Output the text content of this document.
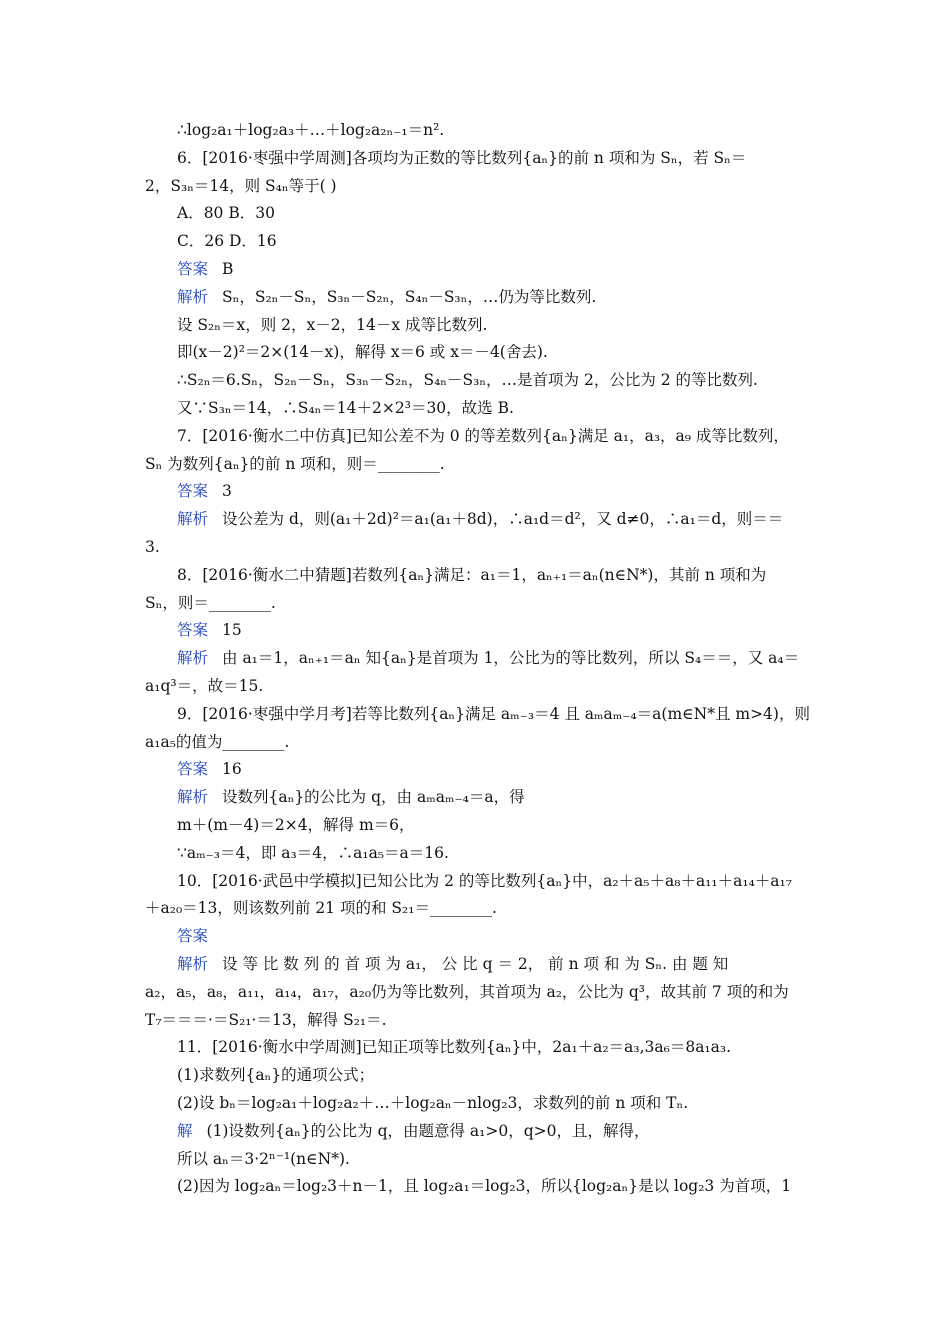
∴log₂a₁＋log₂a₃＋…＋log₂a₂ₙ₋₁＝n².
6．[2016·枣强中学周测]各项均为正数的等比数列{aₙ}的前 n 项和为 Sₙ，若 Sₙ＝
2，S₃ₙ＝14，则 S₄ₙ等于( )
A．80 B．30
C．26 D．16
答案 B
解析 Sₙ，S₂ₙ－Sₙ，S₃ₙ－S₂ₙ，S₄ₙ－S₃ₙ，…仍为等比数列.
设 S₂ₙ＝x，则 2，x－2，14－x 成等比数列.
即(x－2)²＝2×(14－x)，解得 x＝6 或 x＝－4(舍去).
∴S₂ₙ＝6.Sₙ，S₂ₙ－Sₙ，S₃ₙ－S₂ₙ，S₄ₙ－S₃ₙ，…是首项为 2，公比为 2 的等比数列.
又∵S₃ₙ＝14，∴S₄ₙ＝14＋2×2³＝30，故选 B.
7．[2016·衡水二中仿真]已知公差不为 0 的等差数列{aₙ}满足 a₁，a₃，a₉ 成等比数列，
Sₙ 为数列{aₙ}的前 n 项和，则＝________.
答案 3
解析 设公差为 d，则(a₁＋2d)²＝a₁(a₁＋8d)，∴a₁d＝d²，又 d≠0，∴a₁＝d，则＝＝
3.
8．[2016·衡水二中猜题]若数列{aₙ}满足：a₁＝1，aₙ₊₁＝aₙ(n∈N*)，其前 n 项和为
Sₙ，则＝________.
答案 15
解析 由 a₁＝1，aₙ₊₁＝aₙ 知{aₙ}是首项为 1，公比为的等比数列，所以 S₄＝＝，又 a₄＝
a₁q³＝，故＝15.
9．[2016·枣强中学月考]若等比数列{aₙ}满足 aₘ₋₃＝4 且 aₘaₘ₋₄＝a(m∈N*且 m>4)，则
a₁a₅的值为________.
答案 16
解析 设数列{aₙ}的公比为 q，由 aₘaₘ₋₄＝a，得
m＋(m－4)＝2×4，解得 m＝6，
∵aₘ₋₃＝4，即 a₃＝4，∴a₁a₅＝a＝16.
10．[2016·武邑中学模拟]已知公比为 2 的等比数列{aₙ}中，a₂＋a₅＋a₈＋a₁₁＋a₁₄＋a₁₇
＋a₂₀＝13，则该数列前 21 项的和 S₂₁＝________.
答案
解析 设 等 比 数 列 的 首 项 为 a₁， 公 比 q ＝ 2， 前 n 项 和 为 Sₙ. 由 题 知
a₂，a₅，a₈，a₁₁，a₁₄，a₁₇，a₂₀仍为等比数列，其首项为 a₂，公比为 q³，故其前 7 项的和为
T₇＝＝＝·＝S₂₁·＝13，解得 S₂₁＝.
11．[2016·衡水中学周测]已知正项等比数列{aₙ}中，2a₁＋a₂＝a₃,3a₆＝8a₁a₃.
(1)求数列{aₙ}的通项公式；
(2)设 bₙ＝log₂a₁＋log₂a₂＋…＋log₂aₙ－nlog₂3，求数列的前 n 项和 Tₙ.
解 (1)设数列{aₙ}的公比为 q，由题意得 a₁>0，q>0，且，解得，
所以 aₙ＝3·2ⁿ⁻¹(n∈N*).
(2)因为 log₂aₙ＝log₂3＋n－1，且 log₂a₁＝log₂3，所以{log₂aₙ}是以 log₂3 为首项，1
